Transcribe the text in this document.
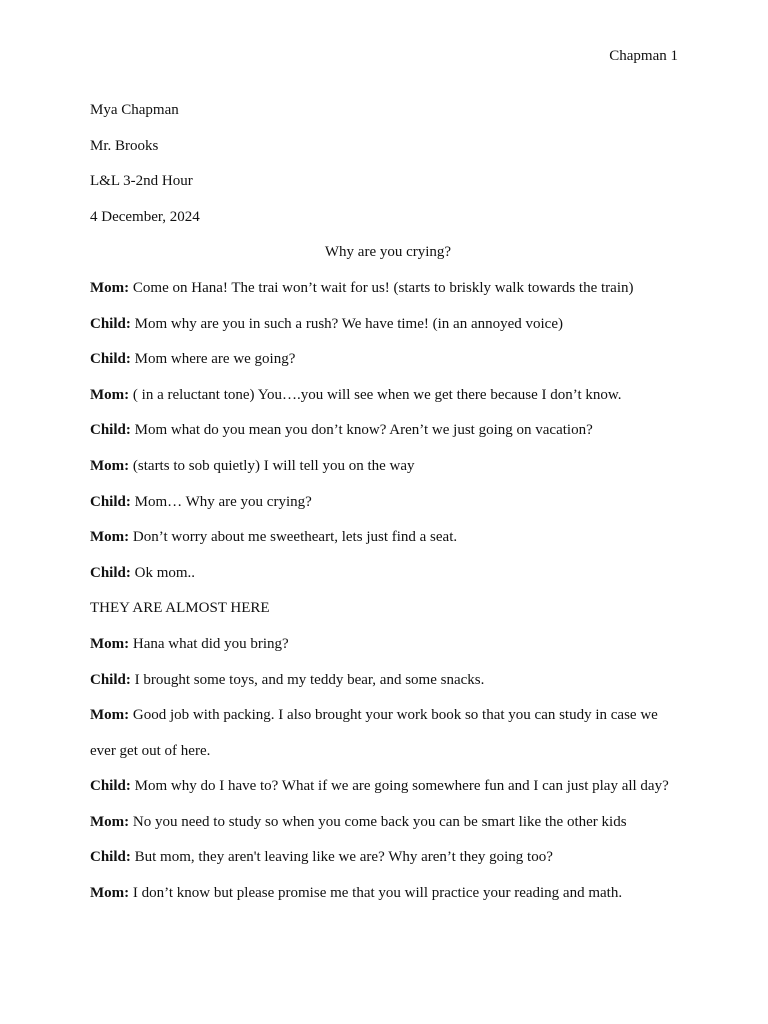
Chapman 1

Mya Chapman

Mr. Brooks

L&L 3-2nd Hour

4 December, 2024

Why are you crying?

Mom: Come on Hana! The trai won’t wait for us! (starts to briskly walk towards the train)

Child: Mom why are you in such a rush? We have time! (in an annoyed voice)

Child: Mom where are we going?

Mom: ( in a reluctant tone) You….you will see when we get there because I don’t know.

Child: Mom what do you mean you don’t know? Aren’t we just going on vacation?

Mom: (starts to sob quietly) I will tell you on the way

Child: Mom… Why are you crying?

Mom: Don’t worry about me sweetheart, lets just find a seat.

Child: Ok mom..

THEY ARE ALMOST HERE

Mom: Hana what did you bring?

Child: I brought some toys, and my teddy bear, and some snacks.

Mom: Good job with packing. I also brought your work book so that you can study in case we ever get out of here.

Child: Mom why do I have to? What if we are going somewhere fun and I can just play all day?

Mom: No you need to study so when you come back you can be smart like the other kids

Child: But mom, they aren't leaving like we are? Why aren’t they going too?

Mom: I don’t know but please promise me that you will practice your reading and math.
